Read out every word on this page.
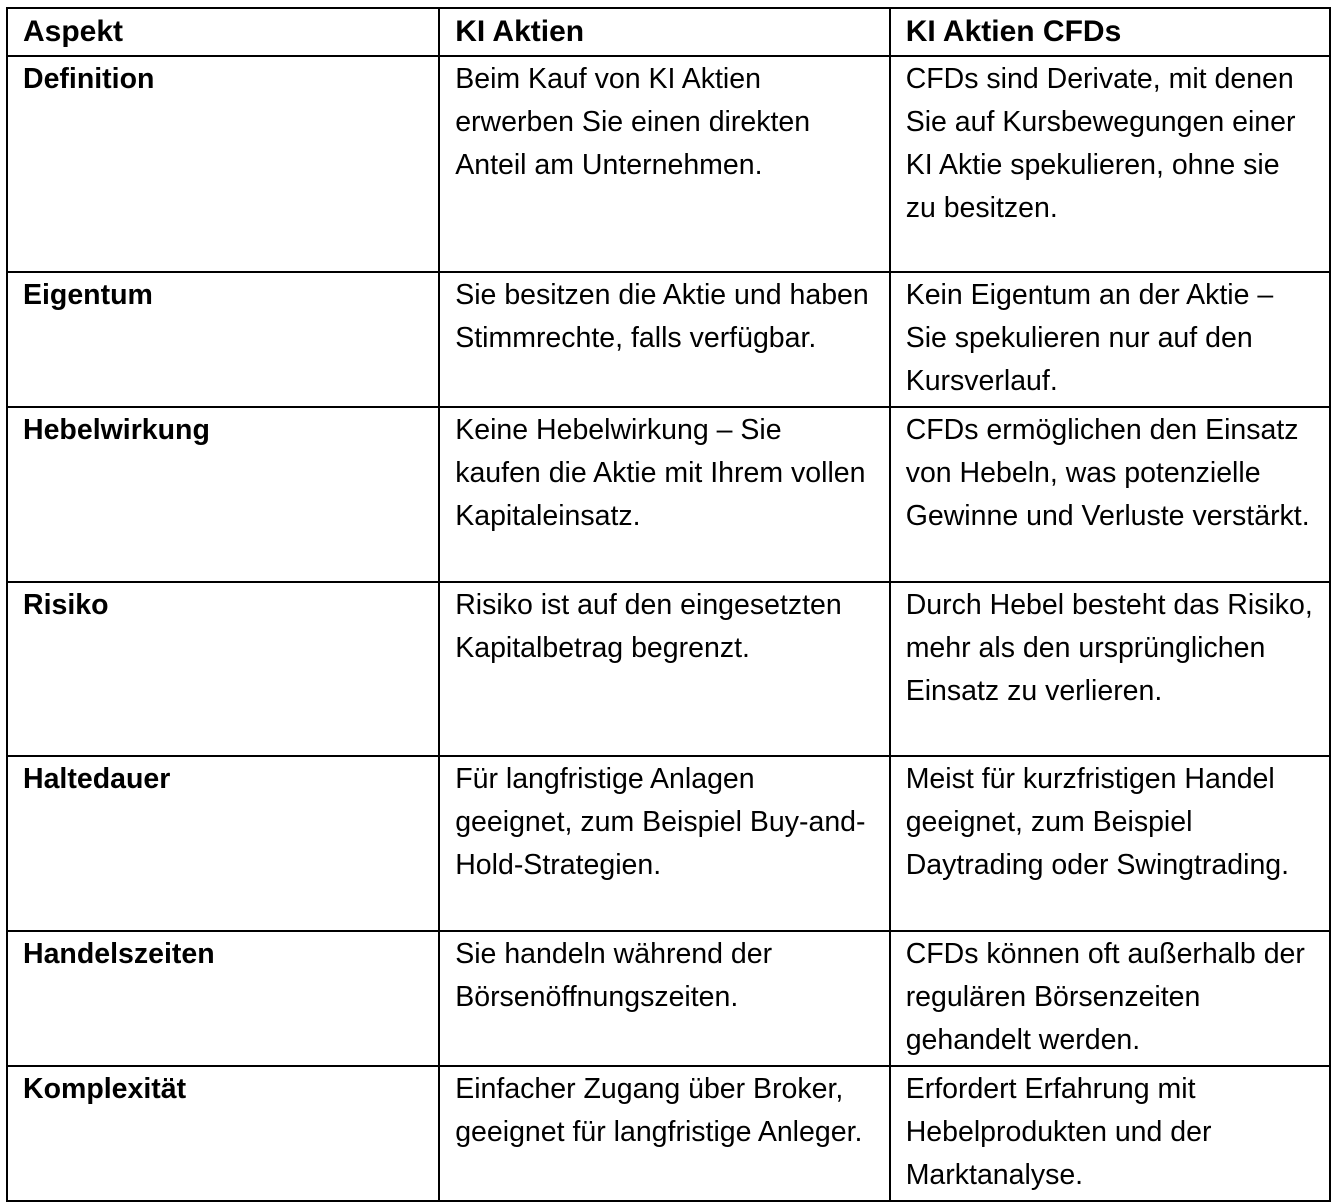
Aspekt	KI Aktien	KI Aktien CFDs
Definition	Beim Kauf von KI Aktien erwerben Sie einen direkten Anteil am Unternehmen.	CFDs sind Derivate, mit denen Sie auf Kursbewegungen einer KI Aktie spekulieren, ohne sie zu besitzen.
Eigentum	Sie besitzen die Aktie und haben Stimmrechte, falls verfügbar.	Kein Eigentum an der Aktie – Sie spekulieren nur auf den Kursverlauf.
Hebelwirkung	Keine Hebelwirkung – Sie kaufen die Aktie mit Ihrem vollen Kapitaleinsatz.	CFDs ermöglichen den Einsatz von Hebeln, was potenzielle Gewinne und Verluste verstärkt.
Risiko	Risiko ist auf den eingesetzten Kapitalbetrag begrenzt.	Durch Hebel besteht das Risiko, mehr als den ursprünglichen Einsatz zu verlieren.
Haltedauer	Für langfristige Anlagen geeignet, zum Beispiel Buy-and-Hold-Strategien.	Meist für kurzfristigen Handel geeignet, zum Beispiel Daytrading oder Swingtrading.
Handelszeiten	Sie handeln während der Börsenöffnungszeiten.	CFDs können oft außerhalb der regulären Börsenzeiten gehandelt werden.
Komplexität	Einfacher Zugang über Broker, geeignet für langfristige Anleger.	Erfordert Erfahrung mit Hebelprodukten und der Marktanalyse.
